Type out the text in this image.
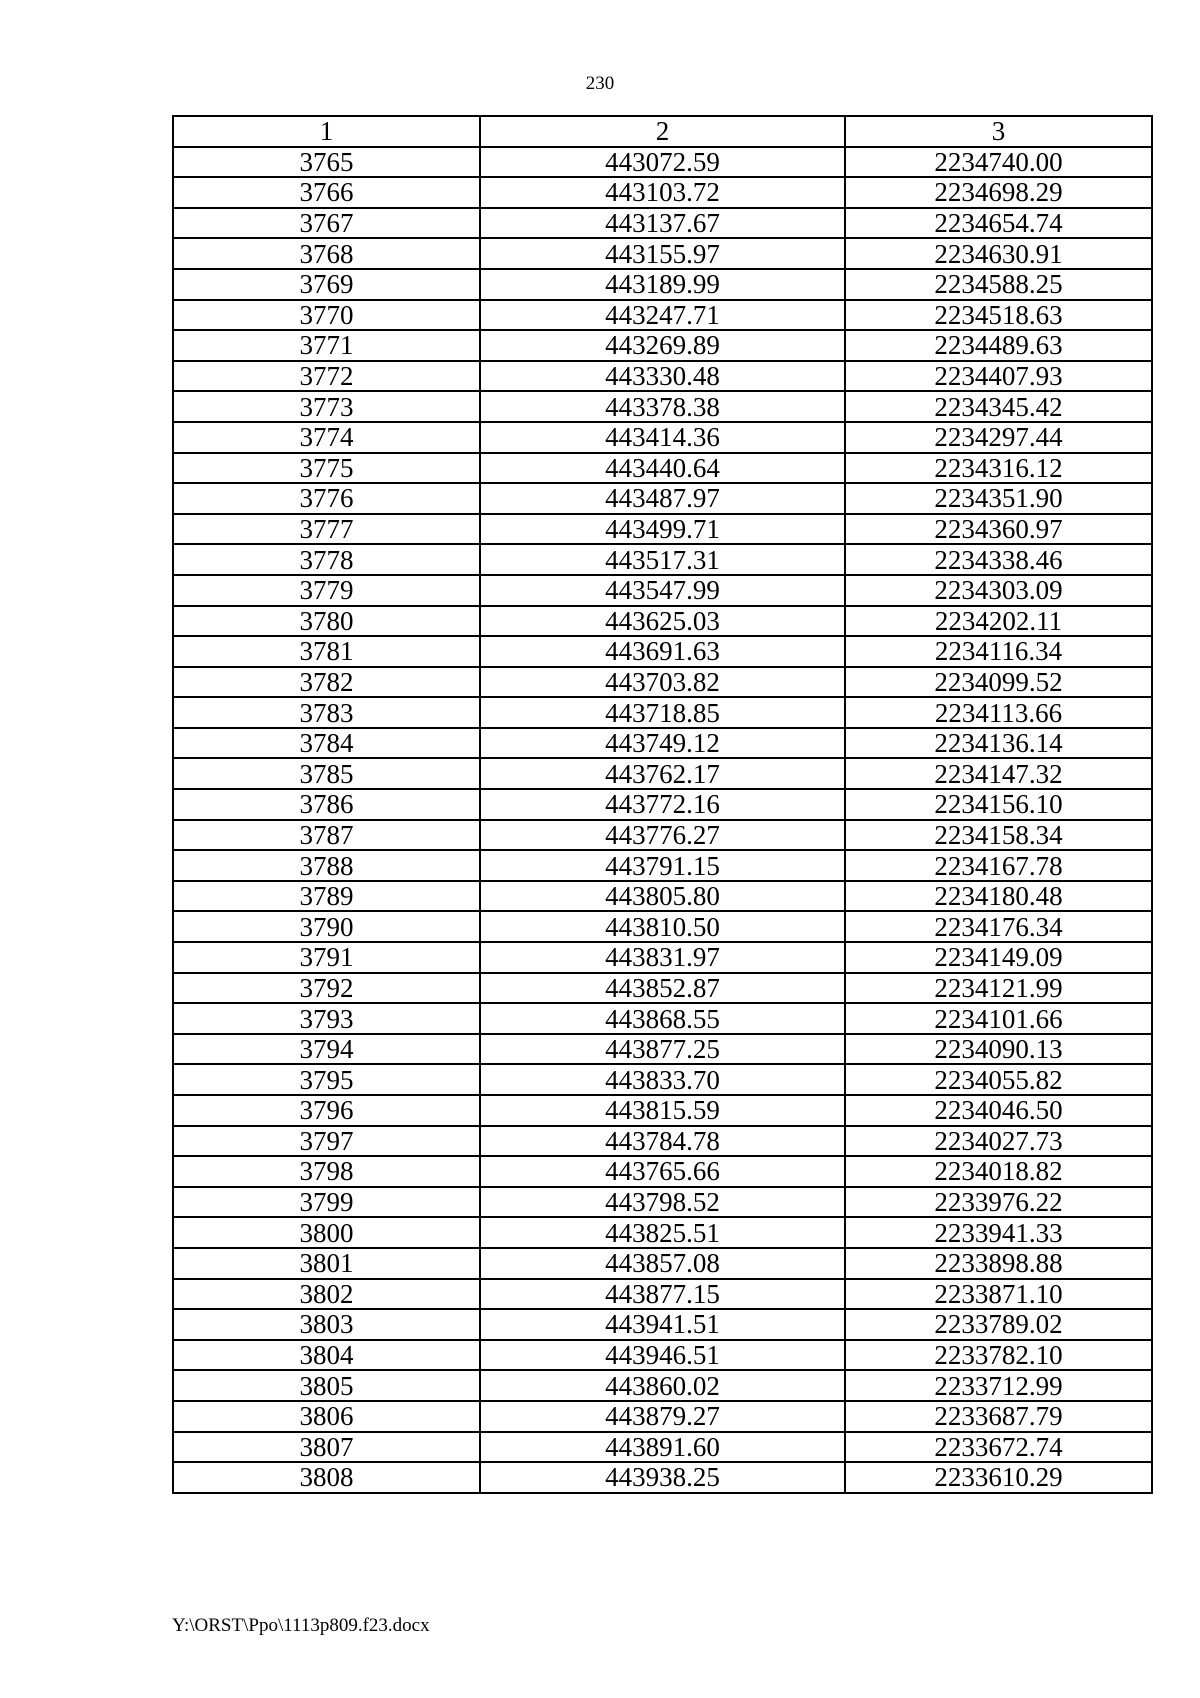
230
1	2	3
3765	443072.59	2234740.00
3766	443103.72	2234698.29
3767	443137.67	2234654.74
3768	443155.97	2234630.91
3769	443189.99	2234588.25
3770	443247.71	2234518.63
3771	443269.89	2234489.63
3772	443330.48	2234407.93
3773	443378.38	2234345.42
3774	443414.36	2234297.44
3775	443440.64	2234316.12
3776	443487.97	2234351.90
3777	443499.71	2234360.97
3778	443517.31	2234338.46
3779	443547.99	2234303.09
3780	443625.03	2234202.11
3781	443691.63	2234116.34
3782	443703.82	2234099.52
3783	443718.85	2234113.66
3784	443749.12	2234136.14
3785	443762.17	2234147.32
3786	443772.16	2234156.10
3787	443776.27	2234158.34
3788	443791.15	2234167.78
3789	443805.80	2234180.48
3790	443810.50	2234176.34
3791	443831.97	2234149.09
3792	443852.87	2234121.99
3793	443868.55	2234101.66
3794	443877.25	2234090.13
3795	443833.70	2234055.82
3796	443815.59	2234046.50
3797	443784.78	2234027.73
3798	443765.66	2234018.82
3799	443798.52	2233976.22
3800	443825.51	2233941.33
3801	443857.08	2233898.88
3802	443877.15	2233871.10
3803	443941.51	2233789.02
3804	443946.51	2233782.10
3805	443860.02	2233712.99
3806	443879.27	2233687.79
3807	443891.60	2233672.74
3808	443938.25	2233610.29
Y:\ORST\Ppo\1113p809.f23.docx
